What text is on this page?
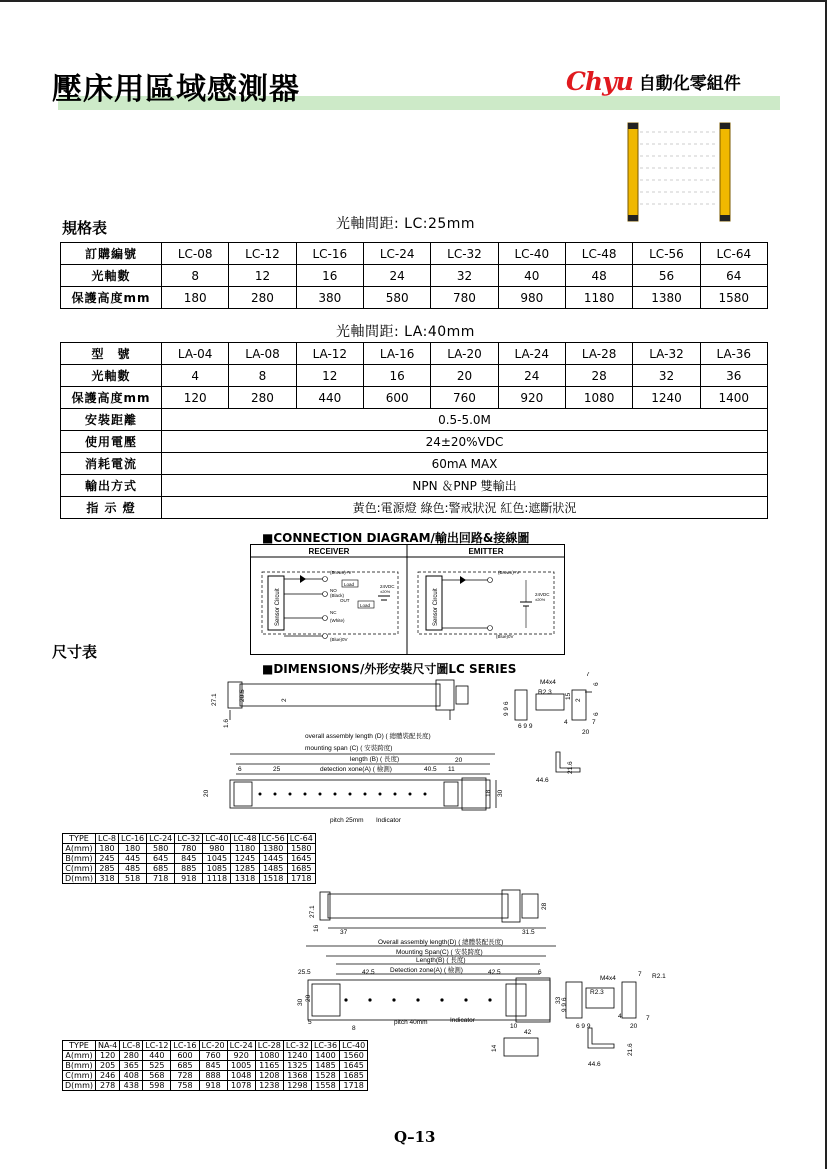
壓床用區域感測器	Chyu 自動化零組件
規格表	光軸間距: LC:25mm
訂購編號	LC-08	LC-12	LC-16	LC-24	LC-32	LC-40	LC-48	LC-56	LC-64
光軸數	8	12	16	24	32	40	48	56	64
保護高度mm	180	280	380	580	780	980	1180	1380	1580
光軸間距: LA:40mm
型　號	LA-04	LA-08	LA-12	LA-16	LA-20	LA-24	LA-28	LA-32	LA-36
光軸數	4	8	12	16	20	24	28	32	36
保護高度mm	120	280	440	600	760	920	1080	1240	1400
安裝距離	0.5-5.0M								
使用電壓	24±20%VDC								
消耗電流	60mA MAX								
輸出方式	NPN ＆PNP 雙輸出								
指 示 燈	黃色:電源燈 綠色:警戒狀況 紅色:遮斷狀況								
■CONNECTION DIAGRAM/輸出回路&接線圖
RECEIVER	EMITTER
Sensor Circuit
(Brown)+V
NO
(Black)
NC
(White)
(Blue)0V
Load
Load
OUT
24VDC
±20%	Sensor Circuit
(Brown)+V
(Blue)0V
24VDC
±20%
尺寸表
■DIMENSIONS/外形安裝尺寸圖LC SERIES
27.1	20.5	2
1.6
overall assembly length (D) ( 總體裝配長度)
mounting span (C) ( 安裝跨度)
length (B) ( 長度)
detection xone(A) ( 檢測)
6	25	40.5 11
20
20	18 30
pitch 25mm Indicator
44.6
21.6
M4x4
R2.3
9 9 6
6 9 9
4
7
6
15
2
20
7
6
TYPE	LC-8	LC-16	LC-24	LC-32	LC-40	LC-48	LC-56	LC-64
A(mm)	180	180	580	780	980	1180	1380	1580
B(mm)	245	445	645	845	1045	1245	1445	1645
C(mm)	285	485	685	885	1085	1285	1485	1685
D(mm)	318	518	718	918	1118	1318	1518	1718
27.1
16
37	31.5
28
Overall assembly length(D) ( 總體裝配長度)
Mounting Span(C) ( 安裝跨度)
Length(B) ( 長度)
Detection zone(A) ( 檢測)
25.5	42.5	42.5	6
30
20
5
8
pitch 40mm	Indicator
10
42
33
14
44.6
21.6
M4x4
R2.3
R2.1
9 9 6
6 9 9
4
7
20
7
TYPE	NA-4	LC-8	LC-12	LC-16	LC-20	LC-24	LC-28	LC-32	LC-36	LC-40
A(mm)	120	280	440	600	760	920	1080	1240	1400	1560
B(mm)	205	365	525	685	845	1005	1165	1325	1485	1645
C(mm)	246	408	568	728	888	1048	1208	1368	1528	1685
D(mm)	278	438	598	758	918	1078	1238	1298	1558	1718
Q–13
